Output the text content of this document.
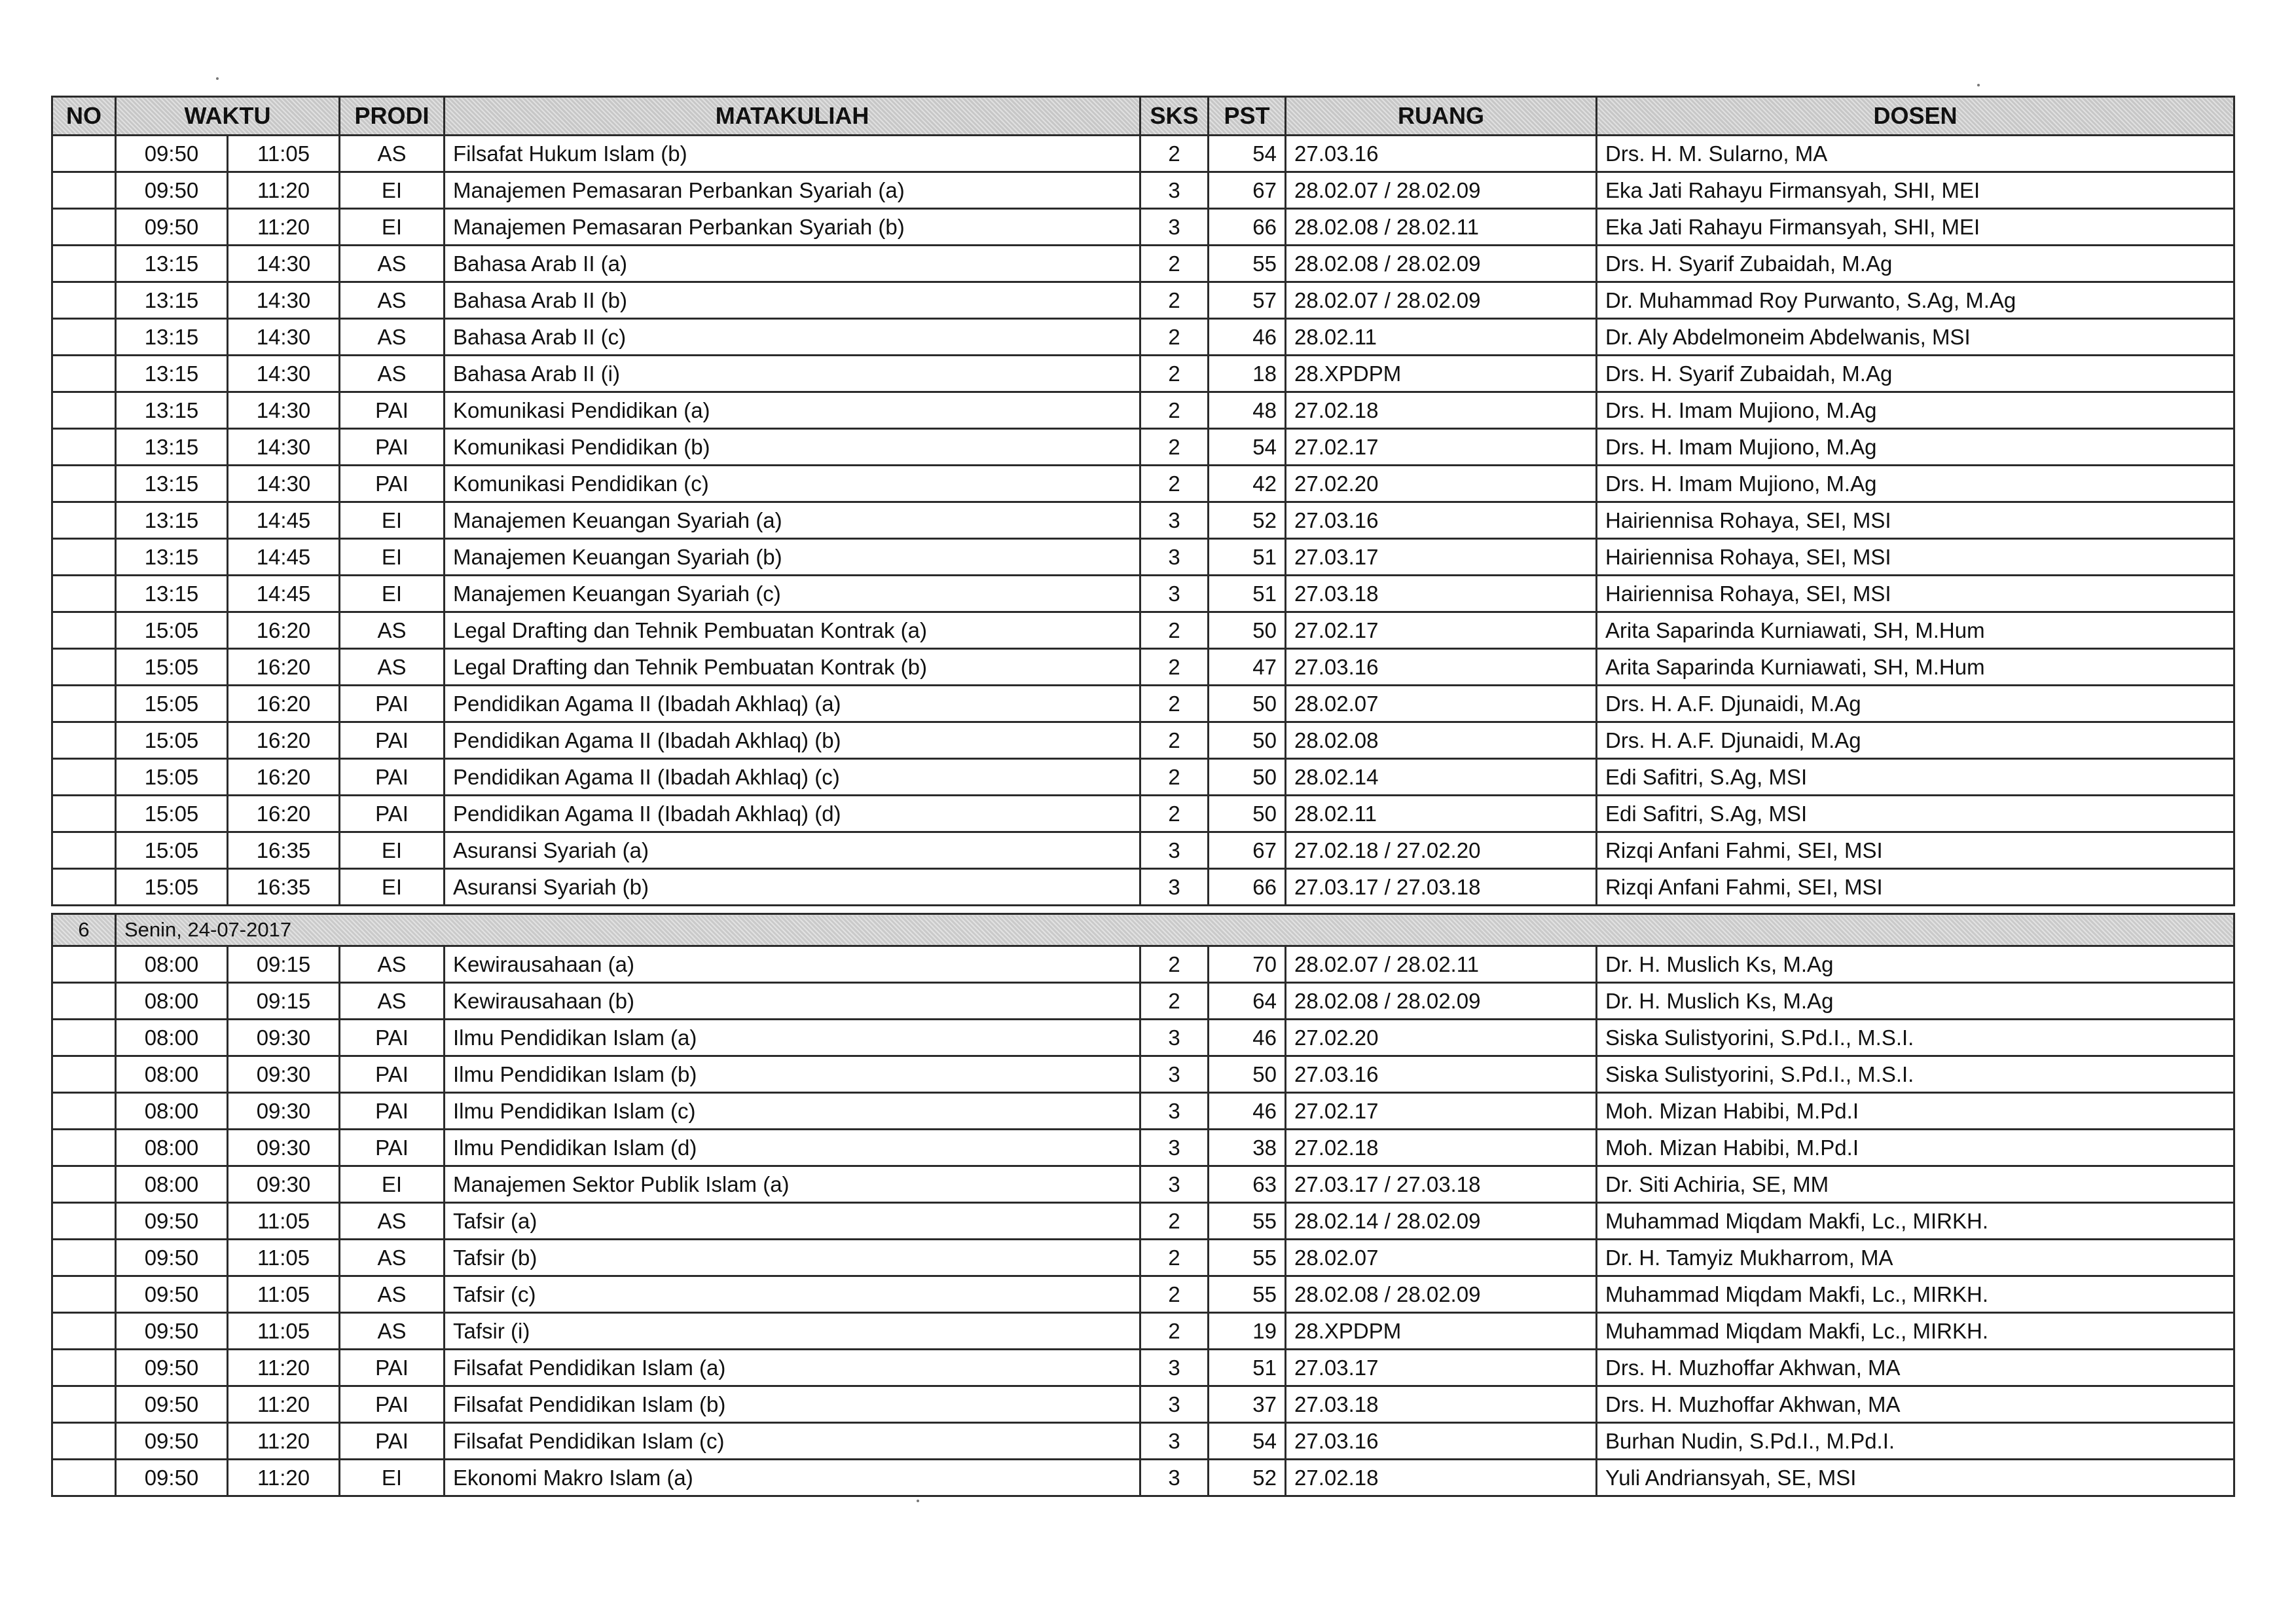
NO	WAKTU		PRODI	MATAKULIAH	SKS	PST	RUANG	DOSEN
	09:50	11:05	AS	Filsafat Hukum Islam (b)	2	54	27.03.16	Drs. H. M. Sularno, MA
	09:50	11:20	EI	Manajemen Pemasaran Perbankan Syariah (a)	3	67	28.02.07 / 28.02.09	Eka Jati Rahayu Firmansyah, SHI, MEI
	09:50	11:20	EI	Manajemen Pemasaran Perbankan Syariah (b)	3	66	28.02.08 / 28.02.11	Eka Jati Rahayu Firmansyah, SHI, MEI
	13:15	14:30	AS	Bahasa Arab II (a)	2	55	28.02.08 / 28.02.09	Drs. H. Syarif Zubaidah, M.Ag
	13:15	14:30	AS	Bahasa Arab II (b)	2	57	28.02.07 / 28.02.09	Dr. Muhammad Roy Purwanto, S.Ag, M.Ag
	13:15	14:30	AS	Bahasa Arab II (c)	2	46	28.02.11	Dr. Aly Abdelmoneim Abdelwanis, MSI
	13:15	14:30	AS	Bahasa Arab II (i)	2	18	28.XPDPM	Drs. H. Syarif Zubaidah, M.Ag
	13:15	14:30	PAI	Komunikasi Pendidikan (a)	2	48	27.02.18	Drs. H. Imam Mujiono, M.Ag
	13:15	14:30	PAI	Komunikasi Pendidikan (b)	2	54	27.02.17	Drs. H. Imam Mujiono, M.Ag
	13:15	14:30	PAI	Komunikasi Pendidikan (c)	2	42	27.02.20	Drs. H. Imam Mujiono, M.Ag
	13:15	14:45	EI	Manajemen Keuangan Syariah (a)	3	52	27.03.16	Hairiennisa Rohaya, SEI, MSI
	13:15	14:45	EI	Manajemen Keuangan Syariah (b)	3	51	27.03.17	Hairiennisa Rohaya, SEI, MSI
	13:15	14:45	EI	Manajemen Keuangan Syariah (c)	3	51	27.03.18	Hairiennisa Rohaya, SEI, MSI
	15:05	16:20	AS	Legal Drafting dan Tehnik Pembuatan Kontrak (a)	2	50	27.02.17	Arita Saparinda Kurniawati, SH, M.Hum
	15:05	16:20	AS	Legal Drafting dan Tehnik Pembuatan Kontrak (b)	2	47	27.03.16	Arita Saparinda Kurniawati, SH, M.Hum
	15:05	16:20	PAI	Pendidikan Agama II (Ibadah Akhlaq) (a)	2	50	28.02.07	Drs. H. A.F. Djunaidi, M.Ag
	15:05	16:20	PAI	Pendidikan Agama II (Ibadah Akhlaq) (b)	2	50	28.02.08	Drs. H. A.F. Djunaidi, M.Ag
	15:05	16:20	PAI	Pendidikan Agama II (Ibadah Akhlaq) (c)	2	50	28.02.14	Edi Safitri, S.Ag, MSI
	15:05	16:20	PAI	Pendidikan Agama II (Ibadah Akhlaq) (d)	2	50	28.02.11	Edi Safitri, S.Ag, MSI
	15:05	16:35	EI	Asuransi Syariah (a)	3	67	27.02.18 / 27.02.20	Rizqi Anfani Fahmi, SEI, MSI
	15:05	16:35	EI	Asuransi Syariah (b)	3	66	27.03.17 / 27.03.18	Rizqi Anfani Fahmi, SEI, MSI

6	Senin, 24-07-2017							
	08:00	09:15	AS	Kewirausahaan (a)	2	70	28.02.07 / 28.02.11	Dr. H. Muslich Ks, M.Ag
	08:00	09:15	AS	Kewirausahaan (b)	2	64	28.02.08 / 28.02.09	Dr. H. Muslich Ks, M.Ag
	08:00	09:30	PAI	Ilmu Pendidikan Islam (a)	3	46	27.02.20	Siska Sulistyorini, S.Pd.I., M.S.I.
	08:00	09:30	PAI	Ilmu Pendidikan Islam (b)	3	50	27.03.16	Siska Sulistyorini, S.Pd.I., M.S.I.
	08:00	09:30	PAI	Ilmu Pendidikan Islam (c)	3	46	27.02.17	Moh. Mizan Habibi, M.Pd.I
	08:00	09:30	PAI	Ilmu Pendidikan Islam (d)	3	38	27.02.18	Moh. Mizan Habibi, M.Pd.I
	08:00	09:30	EI	Manajemen Sektor Publik Islam (a)	3	63	27.03.17 / 27.03.18	Dr. Siti Achiria, SE, MM
	09:50	11:05	AS	Tafsir (a)	2	55	28.02.14 / 28.02.09	Muhammad Miqdam Makfi, Lc., MIRKH.
	09:50	11:05	AS	Tafsir (b)	2	55	28.02.07	Dr. H. Tamyiz Mukharrom, MA
	09:50	11:05	AS	Tafsir (c)	2	55	28.02.08 / 28.02.09	Muhammad Miqdam Makfi, Lc., MIRKH.
	09:50	11:05	AS	Tafsir (i)	2	19	28.XPDPM	Muhammad Miqdam Makfi, Lc., MIRKH.
	09:50	11:20	PAI	Filsafat Pendidikan Islam (a)	3	51	27.03.17	Drs. H. Muzhoffar Akhwan, MA
	09:50	11:20	PAI	Filsafat Pendidikan Islam (b)	3	37	27.03.18	Drs. H. Muzhoffar Akhwan, MA
	09:50	11:20	PAI	Filsafat Pendidikan Islam (c)	3	54	27.03.16	Burhan Nudin, S.Pd.I., M.Pd.I.
	09:50	11:20	EI	Ekonomi Makro Islam (a)	3	52	27.02.18	Yuli Andriansyah, SE, MSI
